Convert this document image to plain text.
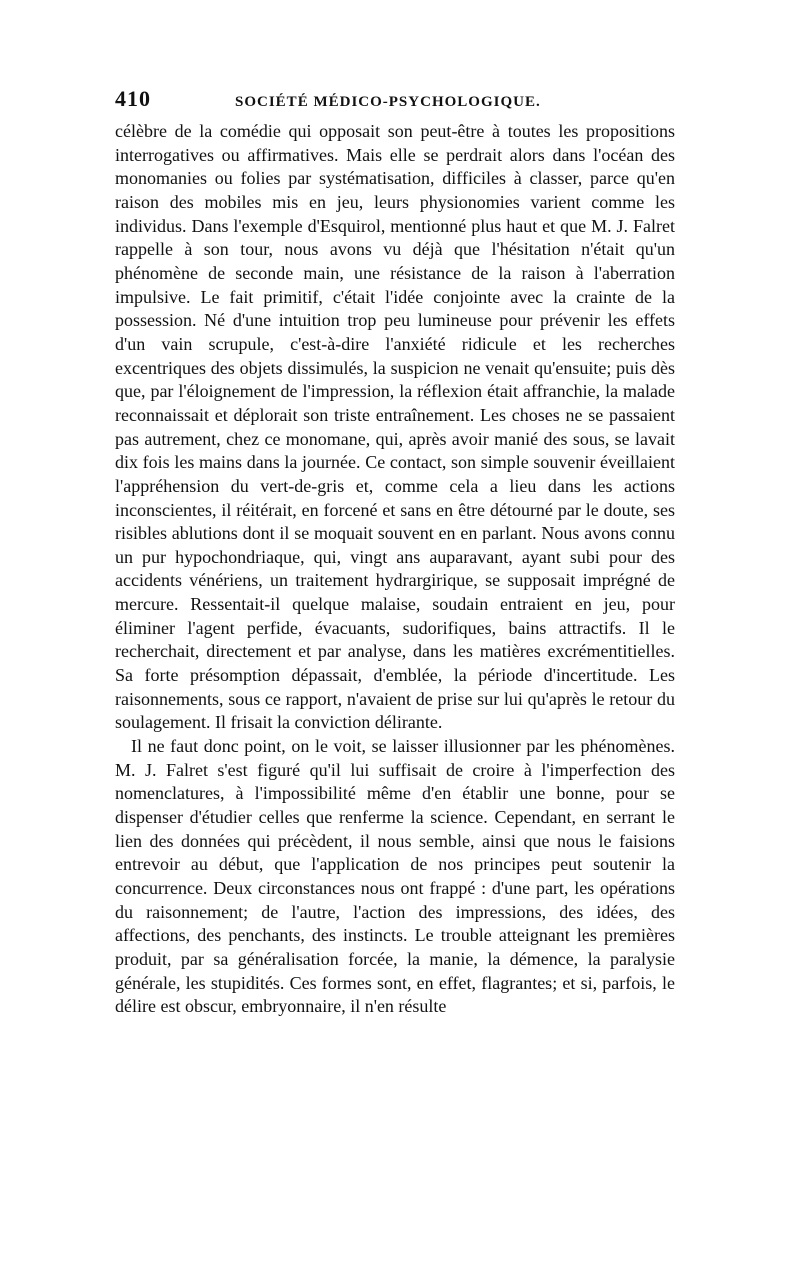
410	SOCIÉTÉ MÉDICO-PSYCHOLOGIQUE.

célèbre de la comédie qui opposait son peut-être à toutes les propositions interrogatives ou affirmatives. Mais elle se perdrait alors dans l'océan des monomanies ou folies par systématisation, difficiles à classer, parce qu'en raison des mobiles mis en jeu, leurs physionomies varient comme les individus. Dans l'exemple d'Esquirol, mentionné plus haut et que M. J. Falret rappelle à son tour, nous avons vu déjà que l'hésitation n'était qu'un phénomène de seconde main, une résistance de la raison à l'aberration impulsive. Le fait primitif, c'était l'idée conjointe avec la crainte de la possession. Né d'une intuition trop peu lumineuse pour prévenir les effets d'un vain scrupule, c'est-à-dire l'anxiété ridicule et les recherches excentriques des objets dissimulés, la suspicion ne venait qu'ensuite; puis dès que, par l'éloignement de l'impression, la réflexion était affranchie, la malade reconnaissait et déplorait son triste entraînement. Les choses ne se passaient pas autrement, chez ce monomane, qui, après avoir manié des sous, se lavait dix fois les mains dans la journée. Ce contact, son simple souvenir éveillaient l'appréhension du vert-de-gris et, comme cela a lieu dans les actions inconscientes, il réitérait, en forcené et sans en être détourné par le doute, ses risibles ablutions dont il se moquait souvent en en parlant. Nous avons connu un pur hypochondriaque, qui, vingt ans auparavant, ayant subi pour des accidents vénériens, un traitement hydrargirique, se supposait imprégné de mercure. Ressentait-il quelque malaise, soudain entraient en jeu, pour éliminer l'agent perfide, évacuants, sudorifiques, bains attractifs. Il le recherchait, directement et par analyse, dans les matières excrémentitielles. Sa forte présomption dépassait, d'emblée, la période d'incertitude. Les raisonnements, sous ce rapport, n'avaient de prise sur lui qu'après le retour du soulagement. Il frisait la conviction délirante.

Il ne faut donc point, on le voit, se laisser illusionner par les phénomènes. M. J. Falret s'est figuré qu'il lui suffisait de croire à l'imperfection des nomenclatures, à l'impossibilité même d'en établir une bonne, pour se dispenser d'étudier celles que renferme la science. Cependant, en serrant le lien des données qui précèdent, il nous semble, ainsi que nous le faisions entrevoir au début, que l'application de nos principes peut soutenir la concurrence. Deux circonstances nous ont frappé : d'une part, les opérations du raisonnement; de l'autre, l'action des impressions, des idées, des affections, des penchants, des instincts. Le trouble atteignant les premières produit, par sa généralisation forcée, la manie, la démence, la paralysie générale, les stupidités. Ces formes sont, en effet, flagrantes; et si, parfois, le délire est obscur, embryonnaire, il n'en résulte
